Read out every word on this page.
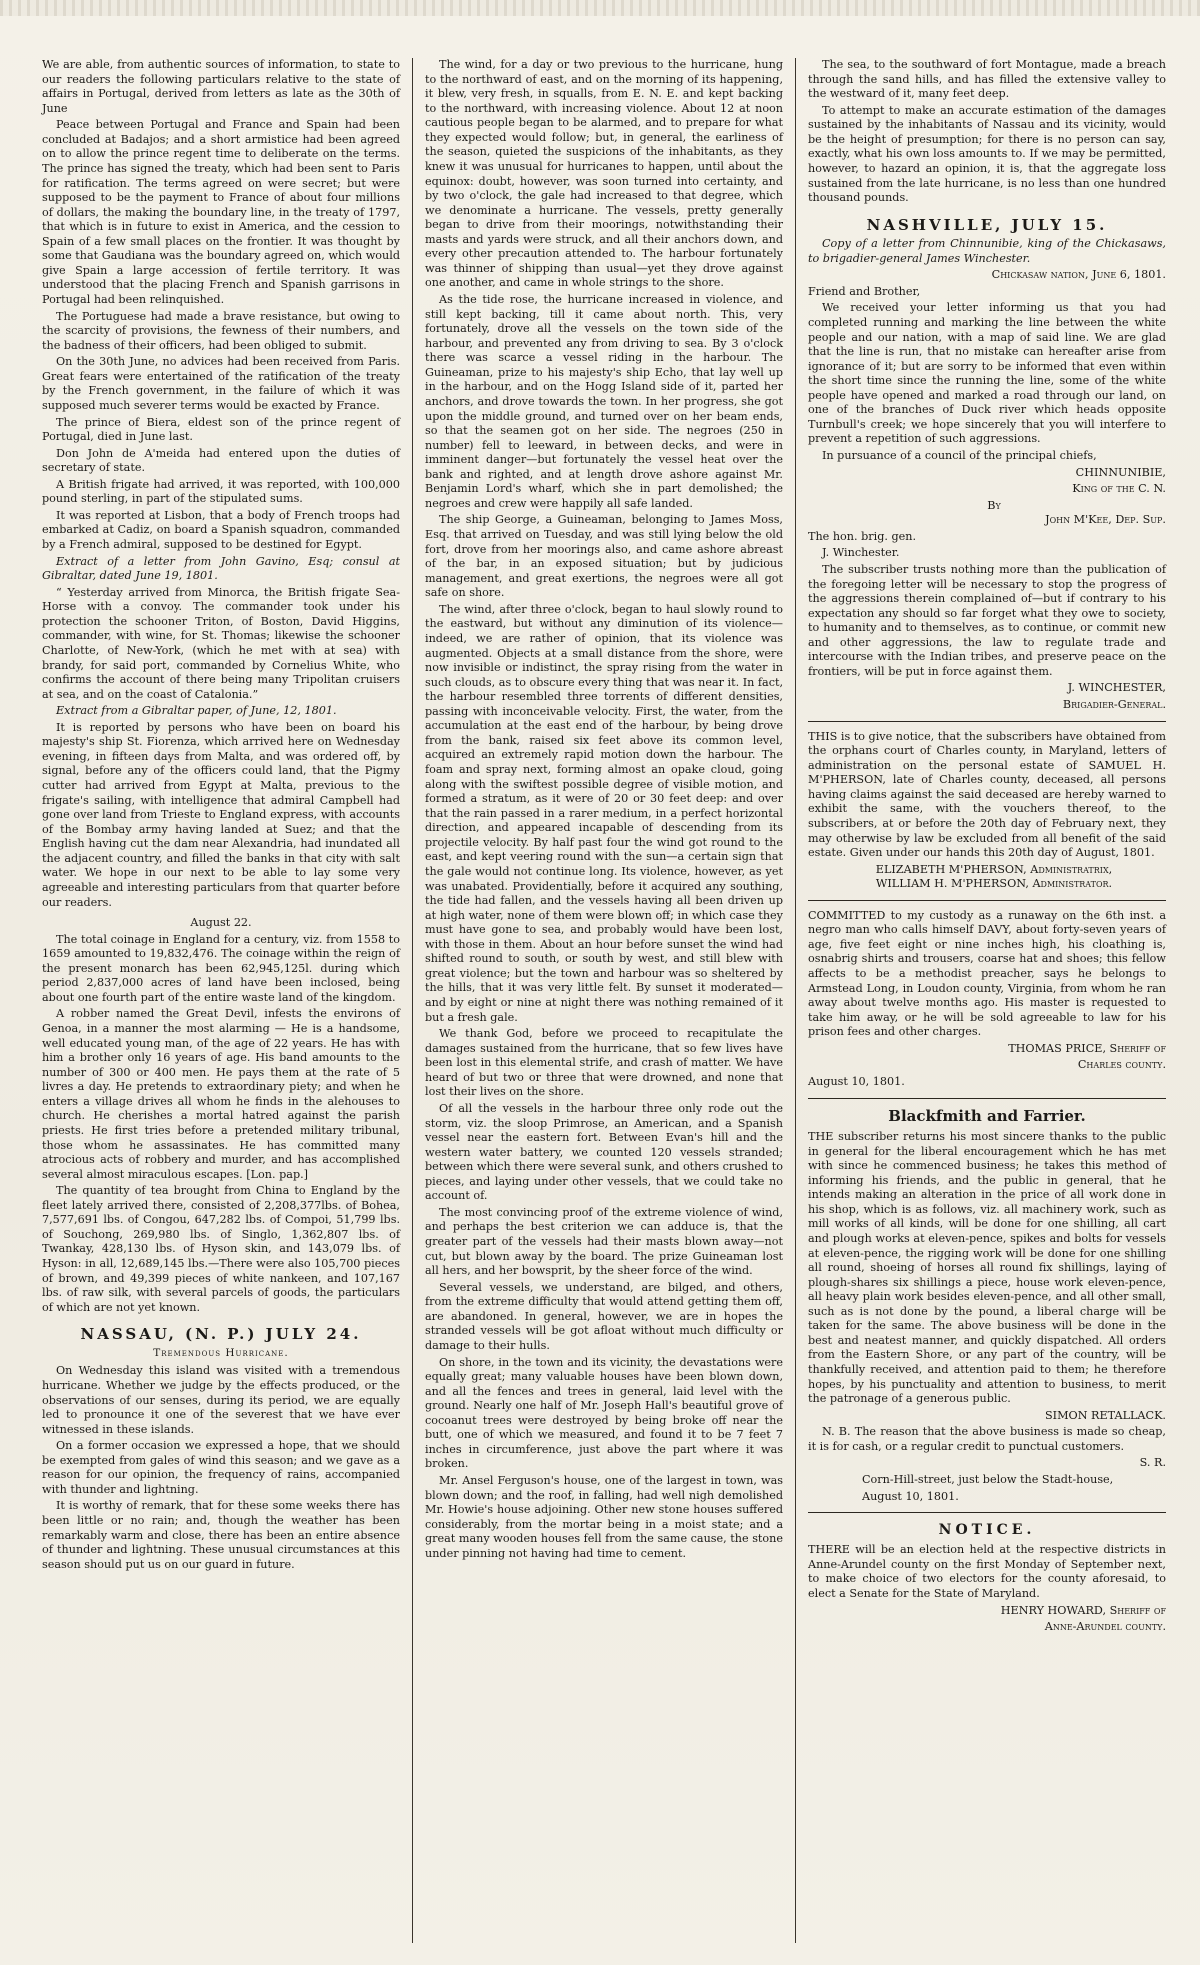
We are able, from authentic sources of information, to state to our readers the following particulars relative to the state of affairs in Portugal, derived from letters as late as the 30th of June

Peace between Portugal and France and Spain had been concluded at Badajos; and a short armistice had been agreed on to allow the prince regent time to deliberate on the terms. The prince has signed the treaty, which had been sent to Paris for ratification. The terms agreed on were secret; but were supposed to be the payment to France of about four millions of dollars, the making the boundary line, in the treaty of 1797, that which is in future to exist in America, and the cession to Spain of a few small places on the frontier. It was thought by some that Gaudiana was the boundary agreed on, which would give Spain a large accession of fertile territory. It was understood that the placing French and Spanish garrisons in Portugal had been relinquished.

The Portuguese had made a brave resistance, but owing to the scarcity of provisions, the fewness of their numbers, and the badness of their officers, had been obliged to submit.

On the 30th June, no advices had been received from Paris. Great fears were entertained of the ratification of the treaty by the French government, in the failure of which it was supposed much severer terms would be exacted by France.

The prince of Biera, eldest son of the prince regent of Portugal, died in June last.

Don John de A'meida had entered upon the duties of secretary of state.

A British frigate had arrived, it was reported, with 100,000 pound sterling, in part of the stipulated sums.

It was reported at Lisbon, that a body of French troops had embarked at Cadiz, on board a Spanish squadron, commanded by a French admiral, supposed to be destined for Egypt.

Extract of a letter from John Gavino, Esq; consul at Gibraltar, dated June 19, 1801.

“ Yesterday arrived from Minorca, the British frigate Sea-Horse with a convoy. The commander took under his protection the schooner Triton, of Boston, David Higgins, commander, with wine, for St. Thomas; likewise the schooner Charlotte, of New-York, (which he met with at sea) with brandy, for said port, commanded by Cornelius White, who confirms the account of there being many Tripolitan cruisers at sea, and on the coast of Catalonia.”

Extract from a Gibraltar paper, of June, 12, 1801.

It is reported by persons who have been on board his majesty's ship St. Fiorenza, which arrived here on Wednesday evening, in fifteen days from Malta, and was ordered off, by signal, before any of the officers could land, that the Pigmy cutter had arrived from Egypt at Malta, previous to the frigate's sailing, with intelligence that admiral Campbell had gone over land from Trieste to England express, with accounts of the Bombay army having landed at Suez; and that the English having cut the dam near Alexandria, had inundated all the adjacent country, and filled the banks in that city with salt water. We hope in our next to be able to lay some very agreeable and interesting particulars from that quarter before our readers.

August 22.

The total coinage in England for a century, viz. from 1558 to 1659 amounted to 19,832,476. The coinage within the reign of the present monarch has been 62,945,125l. during which period 2,837,000 acres of land have been inclosed, being about one fourth part of the entire waste land of the kingdom.

A robber named the Great Devil, infests the environs of Genoa, in a manner the most alarming — He is a handsome, well educated young man, of the age of 22 years. He has with him a brother only 16 years of age. His band amounts to the number of 300 or 400 men. He pays them at the rate of 5 livres a day. He pretends to extraordinary piety; and when he enters a village drives all whom he finds in the alehouses to church. He cherishes a mortal hatred against the parish priests. He first tries before a pretended military tribunal, those whom he assassinates. He has committed many atrocious acts of robbery and murder, and has accomplished several almost miraculous escapes. [Lon. pap.]

The quantity of tea brought from China to England by the fleet lately arrived there, consisted of 2,208,377lbs. of Bohea, 7,577,691 lbs. of Congou, 647,282 lbs. of Compoi, 51,799 lbs. of Souchong, 269,980 lbs. of Singlo, 1,362,807 lbs. of Twankay, 428,130 lbs. of Hyson skin, and 143,079 lbs. of Hyson: in all, 12,689,145 lbs.—There were also 105,700 pieces of brown, and 49,399 pieces of white nankeen, and 107,167 lbs. of raw silk, with several parcels of goods, the particulars of which are not yet known.

NASSAU, (N. P.) JULY 24.
Tremendous Hurricane.

On Wednesday this island was visited with a tremendous hurricane. Whether we judge by the effects produced, or the observations of our senses, during its period, we are equally led to pronounce it one of the severest that we have ever witnessed in these islands.

On a former occasion we expressed a hope, that we should be exempted from gales of wind this season; and we gave as a reason for our opinion, the frequency of rains, accompanied with thunder and lightning.

It is worthy of remark, that for these some weeks there has been little or no rain; and, though the weather has been remarkably warm and close, there has been an entire absence of thunder and lightning. These unusual circumstances at this season should put us on our guard in future.

The wind, for a day or two previous to the hurricane, hung to the northward of east, and on the morning of its happening, it blew, very fresh, in squalls, from E. N. E. and kept backing to the northward, with increasing violence. About 12 at noon cautious people began to be alarmed, and to prepare for what they expected would follow; but, in general, the earliness of the season, quieted the suspicions of the inhabitants, as they knew it was unusual for hurricanes to happen, until about the equinox: doubt, however, was soon turned into certainty, and by two o'clock, the gale had increased to that degree, which we denominate a hurricane. The vessels, pretty generally began to drive from their moorings, notwithstanding their masts and yards were struck, and all their anchors down, and every other precaution attended to. The harbour fortunately was thinner of shipping than usual—yet they drove against one another, and came in whole strings to the shore.

As the tide rose, the hurricane increased in violence, and still kept backing, till it came about north. This, very fortunately, drove all the vessels on the town side of the harbour, and prevented any from driving to sea. By 3 o'clock there was scarce a vessel riding in the harbour. The Guineaman, prize to his majesty's ship Echo, that lay well up in the harbour, and on the Hogg Island side of it, parted her anchors, and drove towards the town. In her progress, she got upon the middle ground, and turned over on her beam ends, so that the seamen got on her side. The negroes (250 in number) fell to leeward, in between decks, and were in imminent danger—but fortunately the vessel heat over the bank and righted, and at length drove ashore against Mr. Benjamin Lord's wharf, which she in part demolished; the negroes and crew were happily all safe landed.

The ship George, a Guineaman, belonging to James Moss, Esq. that arrived on Tuesday, and was still lying below the old fort, drove from her moorings also, and came ashore abreast of the bar, in an exposed situation; but by judicious management, and great exertions, the negroes were all got safe on shore.

The wind, after three o'clock, began to haul slowly round to the eastward, but without any diminution of its violence—indeed, we are rather of opinion, that its violence was augmented. Objects at a small distance from the shore, were now invisible or indistinct, the spray rising from the water in such clouds, as to obscure every thing that was near it. In fact, the harbour resembled three torrents of different densities, passing with inconceivable velocity. First, the water, from the accumulation at the east end of the harbour, by being drove from the bank, raised six feet above its common level, acquired an extremely rapid motion down the harbour. The foam and spray next, forming almost an opake cloud, going along with the swiftest possible degree of visible motion, and formed a stratum, as it were of 20 or 30 feet deep: and over that the rain passed in a rarer medium, in a perfect horizontal direction, and appeared incapable of descending from its projectile velocity. By half past four the wind got round to the east, and kept veering round with the sun—a certain sign that the gale would not continue long. Its violence, however, as yet was unabated. Providentially, before it acquired any southing, the tide had fallen, and the vessels having all been driven up at high water, none of them were blown off; in which case they must have gone to sea, and probably would have been lost, with those in them. About an hour before sunset the wind had shifted round to south, or south by west, and still blew with great violence; but the town and harbour was so sheltered by the hills, that it was very little felt. By sunset it moderated—and by eight or nine at night there was nothing remained of it but a fresh gale.

We thank God, before we proceed to recapitulate the damages sustained from the hurricane, that so few lives have been lost in this elemental strife, and crash of matter. We have heard of but two or three that were drowned, and none that lost their lives on the shore.

Of all the vessels in the harbour three only rode out the storm, viz. the sloop Primrose, an American, and a Spanish vessel near the eastern fort. Between Evan's hill and the western water battery, we counted 120 vessels stranded; between which there were several sunk, and others crushed to pieces, and laying under other vessels, that we could take no account of.

The most convincing proof of the extreme violence of wind, and perhaps the best criterion we can adduce is, that the greater part of the vessels had their masts blown away—not cut, but blown away by the board. The prize Guineaman lost all hers, and her bowsprit, by the sheer force of the wind.

Several vessels, we understand, are bilged, and others, from the extreme difficulty that would attend getting them off, are abandoned. In general, however, we are in hopes the stranded vessels will be got afloat without much difficulty or damage to their hulls.

On shore, in the town and its vicinity, the devastations were equally great; many valuable houses have been blown down, and all the fences and trees in general, laid level with the ground. Nearly one half of Mr. Joseph Hall's beautiful grove of cocoanut trees were destroyed by being broke off near the butt, one of which we measured, and found it to be 7 feet 7 inches in circumference, just above the part where it was broken.

Mr. Ansel Ferguson's house, one of the largest in town, was blown down; and the roof, in falling, had well nigh demolished Mr. Howie's house adjoining. Other new stone houses suffered considerably, from the mortar being in a moist state; and a great many wooden houses fell from the same cause, the stone under pinning not having had time to cement.

The sea, to the southward of fort Montague, made a breach through the sand hills, and has filled the extensive valley to the westward of it, many feet deep.

To attempt to make an accurate estimation of the damages sustained by the inhabitants of Nassau and its vicinity, would be the height of presumption; for there is no person can say, exactly, what his own loss amounts to. If we may be permitted, however, to hazard an opinion, it is, that the aggregate loss sustained from the late hurricane, is no less than one hundred thousand pounds.

NASHVILLE, JULY 15.

Copy of a letter from Chinnunibie, king of the Chickasaws, to brigadier-general James Winchester.

Chickasaw nation, June 6, 1801.

Friend and Brother,

We received your letter informing us that you had completed running and marking the line between the white people and our nation, with a map of said line. We are glad that the line is run, that no mistake can hereafter arise from ignorance of it; but are sorry to be informed that even within the short time since the running the line, some of the white people have opened and marked a road through our land, on one of the branches of Duck river which heads opposite Turnbull's creek; we hope sincerely that you will interfere to prevent a repetition of such aggressions.

In pursuance of a council of the principal chiefs,

CHINNUNIBIE,

King of the C. N.

By

John M'Kee, Dep. Sup.

The hon. brig. gen.

J. Winchester.

The subscriber trusts nothing more than the publication of the foregoing letter will be necessary to stop the progress of the aggressions therein complained of—but if contrary to his expectation any should so far forget what they owe to society, to humanity and to themselves, as to continue, or commit new and other aggressions, the law to regulate trade and intercourse with the Indian tribes, and preserve peace on the frontiers, will be put in force against them.

J. WINCHESTER,

Brigadier-General.

THIS is to give notice, that the subscribers have obtained from the orphans court of Charles county, in Maryland, letters of administration on the personal estate of SAMUEL H. M'PHERSON, late of Charles county, deceased, all persons having claims against the said deceased are hereby warned to exhibit the same, with the vouchers thereof, to the subscribers, at or before the 20th day of February next, they may otherwise by law be excluded from all benefit of the said estate. Given under our hands this 20th day of August, 1801.

ELIZABETH M'PHERSON, Administratrix,

WILLIAM H. M'PHERSON, Administrator.

COMMITTED to my custody as a runaway on the 6th inst. a negro man who calls himself DAVY, about forty-seven years of age, five feet eight or nine inches high, his cloathing is, osnabrig shirts and trousers, coarse hat and shoes; this fellow affects to be a methodist preacher, says he belongs to Armstead Long, in Loudon county, Virginia, from whom he ran away about twelve months ago. His master is requested to take him away, or he will be sold agreeable to law for his prison fees and other charges.

THOMAS PRICE, Sheriff of

Charles county.

August 10, 1801.

Blackfmith and Farrier.

THE subscriber returns his most sincere thanks to the public in general for the liberal encouragement which he has met with since he commenced business; he takes this method of informing his friends, and the public in general, that he intends making an alteration in the price of all work done in his shop, which is as follows, viz. all machinery work, such as mill works of all kinds, will be done for one shilling, all cart and plough works at eleven-pence, spikes and bolts for vessels at eleven-pence, the rigging work will be done for one shilling all round, shoeing of horses all round fix shillings, laying of plough-shares six shillings a piece, house work eleven-pence, all heavy plain work besides eleven-pence, and all other small, such as is not done by the pound, a liberal charge will be taken for the same. The above business will be done in the best and neatest manner, and quickly dispatched. All orders from the Eastern Shore, or any part of the country, will be thankfully received, and attention paid to them; he therefore hopes, by his punctuality and attention to business, to merit the patronage of a generous public.

SIMON RETALLACK.

N. B. The reason that the above business is made so cheap, it is for cash, or a regular credit to punctual customers.

S. R.

Corn-Hill-street, just below the Stadt-house,

August 10, 1801.

NOTICE.

THERE will be an election held at the respective districts in Anne-Arundel county on the first Monday of September next, to make choice of two electors for the county aforesaid, to elect a Senate for the State of Maryland.

HENRY HOWARD, Sheriff of

Anne-Arundel county.
